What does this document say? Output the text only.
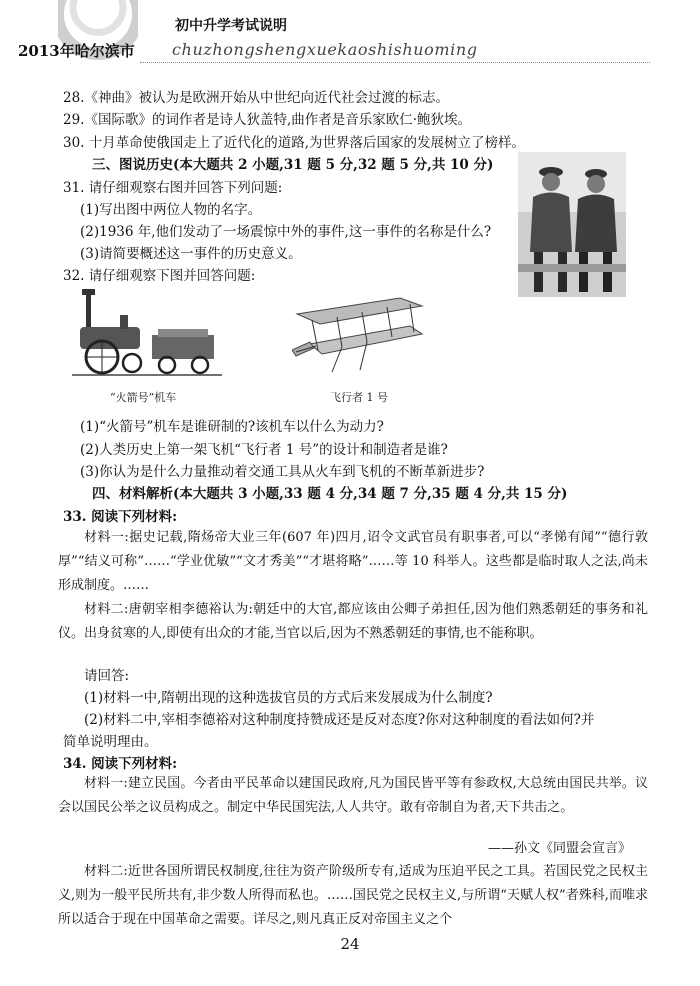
2013年哈尔滨市
初中升学考试说明
chuzhongshengxuekaoshishuoming
28.《神曲》被认为是欧洲开始从中世纪向近代社会过渡的标志。
29.《国际歌》的词作者是诗人狄盖特,曲作者是音乐家欧仁·鲍狄埃。
30. 十月革命使俄国走上了近代化的道路,为世界落后国家的发展树立了榜样。
三、图说历史(本大题共 2 小题,31 题 5 分,32 题 5 分,共 10 分)
31. 请仔细观察右图并回答下列问题:
(1)写出图中两位人物的名字。
(2)1936 年,他们发动了一场震惊中外的事件,这一事件的名称是什么?
(3)请简要概述这一事件的历史意义。
32. 请仔细观察下图并回答问题:
“火箭号”机车	飞行者 1 号
(1)“火箭号”机车是谁研制的?该机车以什么为动力?
(2)人类历史上第一架飞机“飞行者 1 号”的设计和制造者是谁?
(3)你认为是什么力量推动着交通工具从火车到飞机的不断革新进步?
四、材料解析(本大题共 3 小题,33 题 4 分,34 题 7 分,35 题 4 分,共 15 分)
33. 阅读下列材料:
材料一:据史记载,隋炀帝大业三年(607 年)四月,诏令文武官员有职事者,可以“孝悌有闻”“德行敦厚”“结义可称”……“学业优敏”“文才秀美”“才堪将略”……等 10 科举人。这些都是临时取人之法,尚未形成制度。……
材料二:唐朝宰相李德裕认为:朝廷中的大官,都应该由公卿子弟担任,因为他们熟悉朝廷的事务和礼仪。出身贫寒的人,即使有出众的才能,当官以后,因为不熟悉朝廷的事情,也不能称职。
请回答:
(1)材料一中,隋朝出现的这种选拔官员的方式后来发展成为什么制度?
(2)材料二中,宰相李德裕对这种制度持赞成还是反对态度?你对这种制度的看法如何?并
简单说明理由。
34. 阅读下列材料:
材料一:建立民国。今者由平民革命以建国民政府,凡为国民皆平等有参政权,大总统由国民共举。议会以国民公举之议员构成之。制定中华民国宪法,人人共守。敢有帝制自为者,天下共击之。
——孙文《同盟会宣言》
材料二:近世各国所谓民权制度,往往为资产阶级所专有,适成为压迫平民之工具。若国民党之民权主义,则为一般平民所共有,非少数人所得而私也。……国民党之民权主义,与所谓“天赋人权”者殊科,而唯求所以适合于现在中国革命之需要。详尽之,则凡真正反对帝国主义之个
24
